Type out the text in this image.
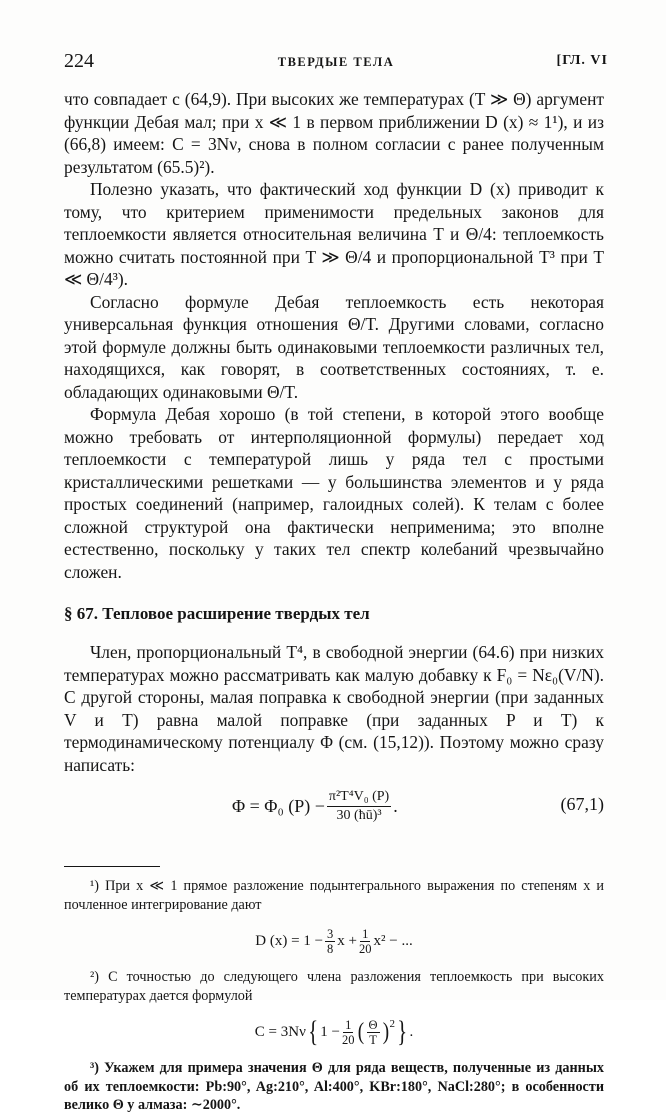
224	ТВЕРДЫЕ ТЕЛА	[ГЛ. VI

что совпадает с (64,9). При высоких же температурах (T ≫ Θ) аргумент функции Дебая мал; при x ≪ 1 в первом приближении D (x) ≈ 1¹), и из (66,8) имеем: C = 3Nν, снова в полном согласии с ранее полученным результатом (65.5)²).

Полезно указать, что фактический ход функции D (x) приводит к тому, что критерием применимости предельных законов для теплоемкости является относительная величина T и Θ/4: теплоемкость можно считать постоянной при T ≫ Θ/4 и пропорциональной T³ при T ≪ Θ/4³).

Согласно формуле Дебая теплоемкость есть некоторая универсальная функция отношения Θ/T. Другими словами, согласно этой формуле должны быть одинаковыми теплоемкости различных тел, находящихся, как говорят, в соответственных состояниях, т. е. обладающих одинаковыми Θ/T.

Формула Дебая хорошо (в той степени, в которой этого вообще можно требовать от интерполяционной формулы) передает ход теплоемкости с температурой лишь у ряда тел с простыми кристаллическими решетками — у большинства элементов и у ряда простых соединений (например, галоидных солей). К телам с более сложной структурой она фактически неприменима; это вполне естественно, поскольку у таких тел спектр колебаний чрезвычайно сложен.

§ 67. Тепловое расширение твердых тел

Член, пропорциональный T⁴, в свободной энергии (64.6) при низких температурах можно рассматривать как малую добавку к F₀ = Nε₀(V/N). С другой стороны, малая поправка к свободной энергии (при заданных V и T) равна малой поправке (при заданных P и T) к термодинамическому потенциалу Φ (см. (15,12)). Поэтому можно сразу написать:

Φ = Φ₀ $(P) - \frac{\text{π²T⁴V₀ (P)}}{\text{30 (ħū)³}}$ .	(67,1)

¹) При x ≪ 1 прямое разложение подынтегрального выражения по степеням x и почленное интегрирование дают

D $(x) = 1 - \frac{3}{8}$ $x + \frac{1}{20} x^2$ − ...

²) С точностью до следующего члена разложения теплоемкость при высоких температурах дается формулой

C = 3Nν { $1 - \frac{1}{20}$ ( $\frac{\Theta}{T} )^2$ } .

³) Укажем для примера значения Θ для ряда веществ, полученные из данных об их теплоемкости: Pb:90°, Ag:210°, Al:400°, KBr:180°, NaCl:280°; в особенности велико Θ у алмаза: ∼2000°.
